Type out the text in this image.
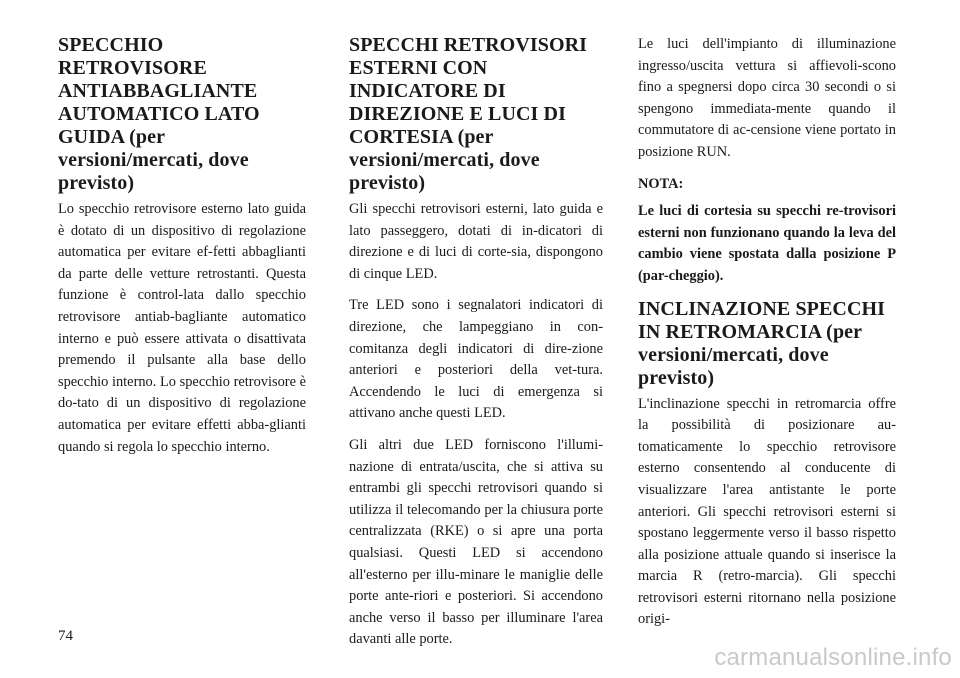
SPECCHIO RETROVISORE ANTIABBAGLIANTE AUTOMATICO LATO GUIDA (per versioni/mercati, dove previsto)

Lo specchio retrovisore esterno lato guida è dotato di un dispositivo di regolazione automatica per evitare ef-fetti abbaglianti da parte delle vetture retrostanti. Questa funzione è control-lata dallo specchio retrovisore antiab-bagliante automatico interno e può essere attivata o disattivata premendo il pulsante alla base dello specchio interno. Lo specchio retrovisore è do-tato di un dispositivo di regolazione automatica per evitare effetti abba-glianti quando si regola lo specchio interno.

SPECCHI RETROVISORI ESTERNI CON INDICATORE DI DIREZIONE E LUCI DI CORTESIA (per versioni/mercati, dove previsto)

Gli specchi retrovisori esterni, lato guida e lato passeggero, dotati di in-dicatori di direzione e di luci di corte-sia, dispongono di cinque LED.

Tre LED sono i segnalatori indicatori di direzione, che lampeggiano in con-comitanza degli indicatori di dire-zione anteriori e posteriori della vet-tura. Accendendo le luci di emergenza si attivano anche questi LED.

Gli altri due LED forniscono l'illumi-nazione di entrata/uscita, che si attiva su entrambi gli specchi retrovisori quando si utilizza il telecomando per la chiusura porte centralizzata (RKE) o si apre una porta qualsiasi. Questi LED si accendono all'esterno per illu-minare le maniglie delle porte ante-riori e posteriori. Si accendono anche verso il basso per illuminare l'area davanti alle porte.

Le luci dell'impianto di illuminazione ingresso/uscita vettura si affievoli-scono fino a spegnersi dopo circa 30 secondi o si spengono immediata-mente quando il commutatore di ac-censione viene portato in posizione RUN.

NOTA:

Le luci di cortesia su specchi re-trovisori esterni non funzionano quando la leva del cambio viene spostata dalla posizione P (par-cheggio).

INCLINAZIONE SPECCHI IN RETROMARCIA (per versioni/mercati, dove previsto)

L'inclinazione specchi in retromarcia offre la possibilità di posizionare au-tomaticamente lo specchio retrovisore esterno consentendo al conducente di visualizzare l'area antistante le porte anteriori. Gli specchi retrovisori esterni si spostano leggermente verso il basso rispetto alla posizione attuale quando si inserisce la marcia R (retro-marcia). Gli specchi retrovisori esterni ritornano nella posizione origi-

74
carmanualsonline.info
